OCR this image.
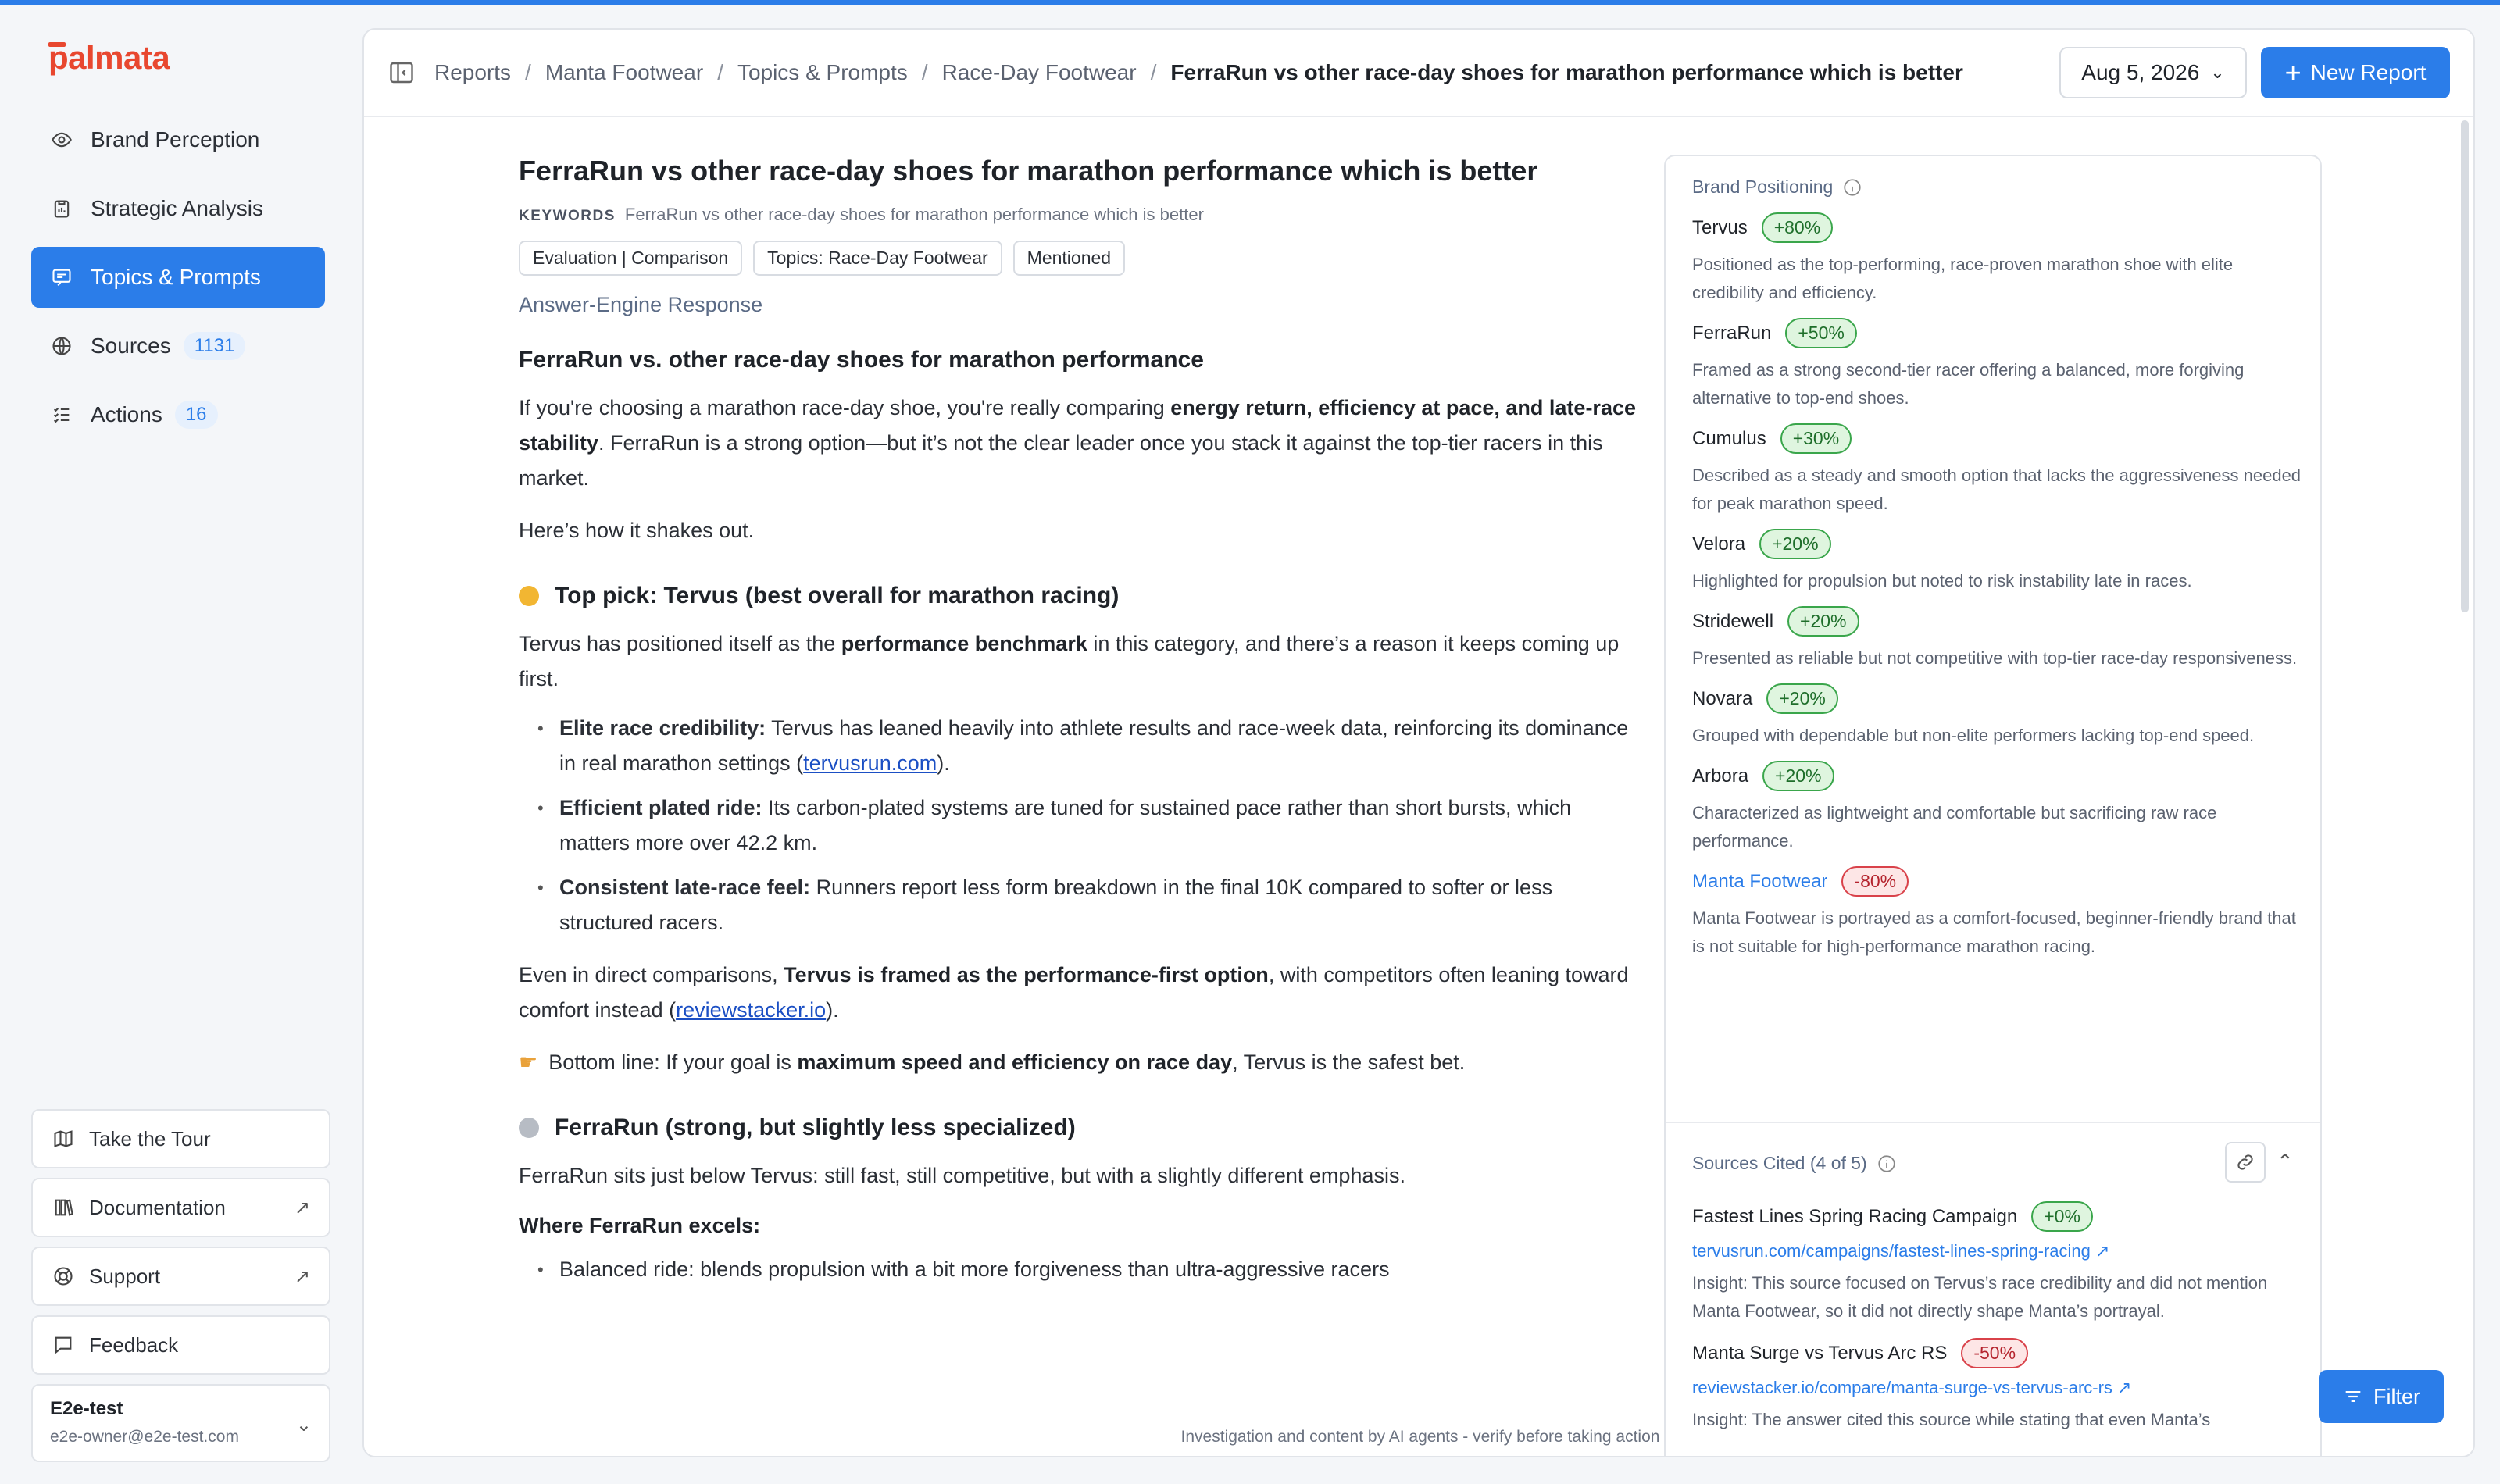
palmata
Brand Perception
Strategic Analysis
Topics & Prompts
Sources	1131
Actions	16
Take the Tour
Documentation	↗
Support	↗
Feedback
E2e-test
e2e-owner@e2e-test.com
⌄
Reports / Manta Footwear / Topics & Prompts / Race-Day Footwear / FerraRun vs other race-day shoes for marathon performance which is better	Aug 5, 2026 ⌄ + New Report
FerraRun vs other race-day shoes for marathon performance which is better
KEYWORDS FerraRun vs other race-day shoes for marathon performance which is better
Evaluation | Comparison	Topics: Race-Day Footwear	Mentioned
Answer-Engine Response
FerraRun vs. other race-day shoes for marathon performance

If you're choosing a marathon race-day shoe, you're really comparing energy return, efficiency at pace, and late-race stability. FerraRun is a strong option—but it’s not the clear leader once you stack it against the top-tier racers in this market.

Here’s how it shakes out.

Top pick: Tervus (best overall for marathon racing)

Tervus has positioned itself as the performance benchmark in this category, and there’s a reason it keeps coming up first.

• Elite race credibility: Tervus has leaned heavily into athlete results and race-week data, reinforcing its dominance in real marathon settings (tervusrun.com).
• Efficient plated ride: Its carbon-plated systems are tuned for sustained pace rather than short bursts, which matters more over 42.2 km.
• Consistent late-race feel: Runners report less form breakdown in the final 10K compared to softer or less structured racers.

Even in direct comparisons, Tervus is framed as the performance-first option, with competitors often leaning toward comfort instead (reviewstacker.io).

☛ Bottom line: If your goal is maximum speed and efficiency on race day, Tervus is the safest bet.

FerraRun (strong, but slightly less specialized)

FerraRun sits just below Tervus: still fast, still competitive, but with a slightly different emphasis.

Where FerraRun excels:
• Balanced ride: blends propulsion with a bit more forgiveness than ultra-aggressive racers
Brand Positioning
Tervus	+80%
Positioned as the top-performing, race-proven marathon shoe with elite credibility and efficiency.
FerraRun	+50%
Framed as a strong second-tier racer offering a balanced, more forgiving alternative to top-end shoes.
Cumulus	+30%
Described as a steady and smooth option that lacks the aggressiveness needed for peak marathon speed.
Velora	+20%
Highlighted for propulsion but noted to risk instability late in races.
Stridewell	+20%
Presented as reliable but not competitive with top-tier race-day responsiveness.
Novara	+20%
Grouped with dependable but non-elite performers lacking top-end speed.
Arbora	+20%
Characterized as lightweight and comfortable but sacrificing raw race performance.
Manta Footwear	-80%
Manta Footwear is portrayed as a comfort-focused, beginner-friendly brand that is not suitable for high-performance marathon racing.
Sources Cited (4 of 5)	⌃
Fastest Lines Spring Racing Campaign	+0%
tervusrun.com/campaigns/fastest-lines-spring-racing ↗
Insight: This source focused on Tervus’s race credibility and did not mention Manta Footwear, so it did not directly shape Manta’s portrayal.
Manta Surge vs Tervus Arc RS	-50%
reviewstacker.io/compare/manta-surge-vs-tervus-arc-rs ↗
Insight: The answer cited this source while stating that even Manta’s
Filter
Investigation and content by AI agents - verify before taking action
